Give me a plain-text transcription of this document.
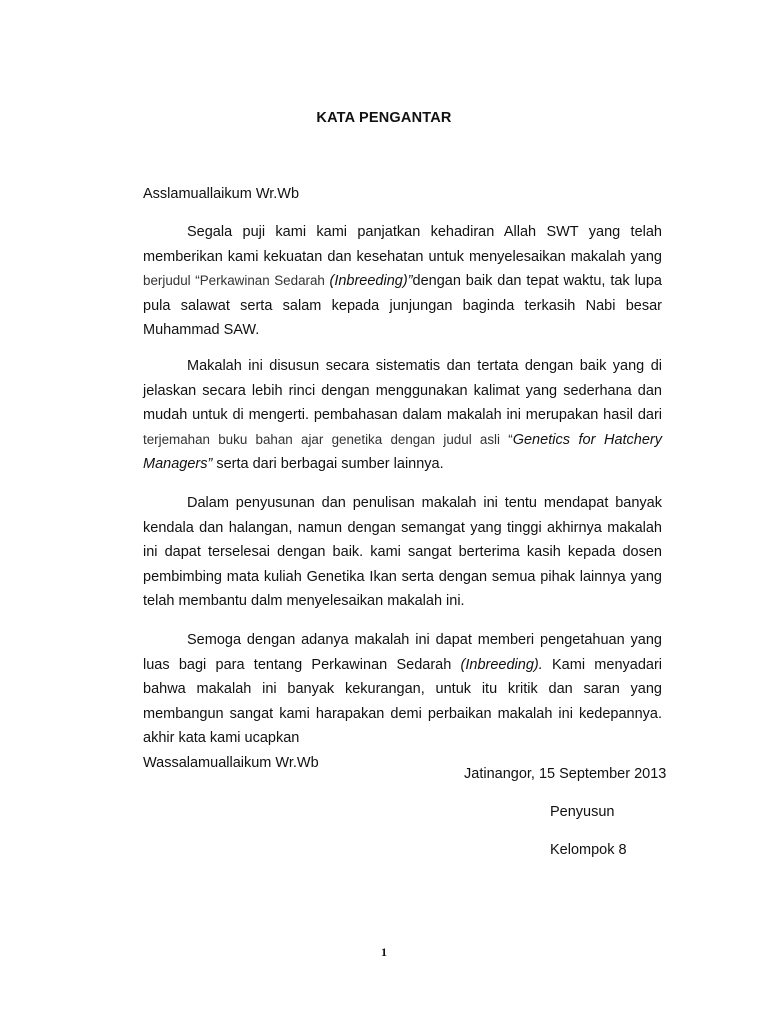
KATA PENGANTAR
Asslamuallaikum Wr.Wb

Segala puji kami kami panjatkan kehadiran Allah SWT yang telah memberikan kami kekuatan dan kesehatan untuk menyelesaikan makalah yang berjudul “Perkawinan Sedarah (Inbreeding)”dengan baik dan tepat waktu, tak lupa pula salawat serta salam kepada junjungan baginda terkasih Nabi besar Muhammad SAW.

Makalah ini disusun secara sistematis dan tertata dengan baik yang di jelaskan secara lebih rinci dengan menggunakan kalimat yang sederhana dan mudah untuk di mengerti. pembahasan dalam makalah ini merupakan hasil dari terjemahan buku bahan ajar genetika dengan judul asli “Genetics for Hatchery Managers” serta dari berbagai sumber lainnya.

Dalam penyusunan dan penulisan makalah ini tentu mendapat banyak kendala dan halangan, namun dengan semangat yang tinggi akhirnya makalah ini dapat terselesai dengan baik. kami sangat berterima kasih kepada dosen pembimbing mata kuliah Genetika Ikan serta dengan semua pihak lainnya yang telah membantu dalm menyelesaikan makalah ini.

Semoga dengan adanya makalah ini dapat memberi pengetahuan yang luas bagi para tentang Perkawinan Sedarah (Inbreeding). Kami menyadari bahwa makalah ini banyak kekurangan, untuk itu kritik dan saran yang membangun sangat kami harapakan demi perbaikan makalah ini kedepannya. akhir kata kami ucapkan
Wassalamuallaikum Wr.Wb

Jatinangor, 15 September 2013
Penyusun
Kelompok 8
1
